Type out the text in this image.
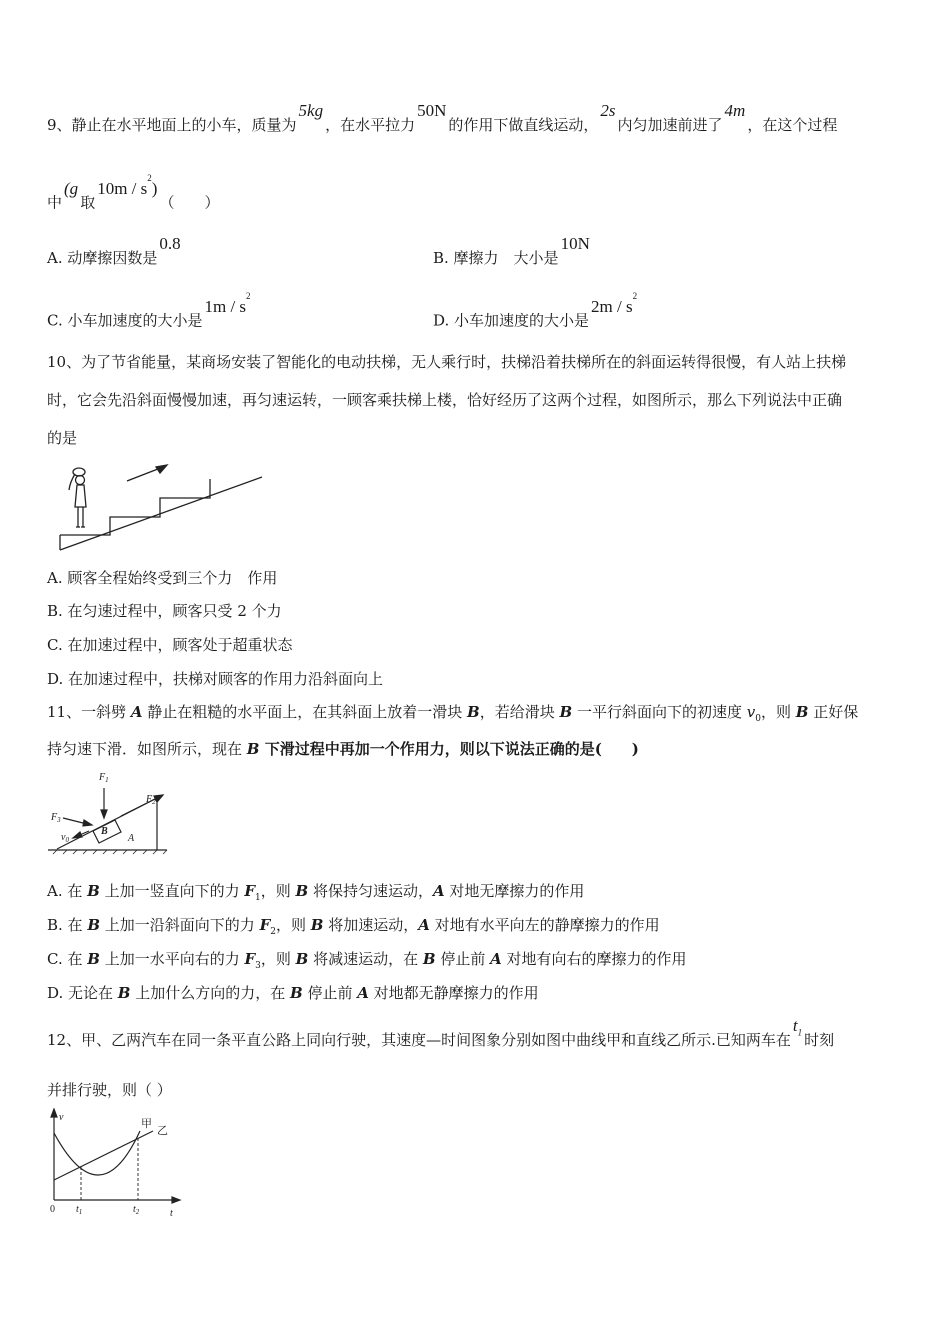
9、静止在水平地面上的小车，质量为5kg，在水平拉力50N的作用下做直线运动，2s内匀加速前进了4m，在这个过程
中(g取$10m / s^2$)（　　）
A. 动摩擦因数是0.8
B. 摩擦力　大小是10N
C. 小车加速度的大小是$1m / s^2$
D. 小车加速度的大小是$2m / s^2$
10、为了节省能量，某商场安装了智能化的电动扶梯，无人乘行时，扶梯沿着扶梯所在的斜面运转得很慢，有人站上扶梯
时，它会先沿斜面慢慢加速，再匀速运转，一顾客乘扶梯上楼，恰好经历了这两个过程，如图所示，那么下列说法中正确
的是
A. 顾客全程始终受到三个力　作用
B. 在匀速过程中，顾客只受 2 个力
C. 在加速过程中，顾客处于超重状态
D. 在加速过程中，扶梯对顾客的作用力沿斜面向上
11、一斜劈 A 静止在粗糙的水平面上，在其斜面上放着一滑块 B，若给滑块 B 一平行斜面向下的初速度 $v_0$，则 B 正好保
持匀速下滑．如图所示，现在 B 下滑过程中再加一个作用力，则以下说法正确的是(　　)
$F_1$
$F_2$
$F_3$
$v_0$
B
A
A. 在 B 上加一竖直向下的力 $F_1$，则 B 将保持匀速运动，A 对地无摩擦力的作用
B. 在 B 上加一沿斜面向下的力 $F_2$，则 B 将加速运动，A 对地有水平向左的静摩擦力的作用
C. 在 B 上加一水平向右的力 $F_3$，则 B 将减速运动，在 B 停止前 A 对地有向右的摩擦力的作用
D. 无论在 B 上加什么方向的力，在 B 停止前 A 对地都无静摩擦力的作用
12、甲、乙两汽车在同一条平直公路上同向行驶，其速度—时间图象分别如图中曲线甲和直线乙所示.已知两车在$t_1$ 时刻
并排行驶，则（ ）
v
t
0 $t_1$	$t_2$
甲
乙
